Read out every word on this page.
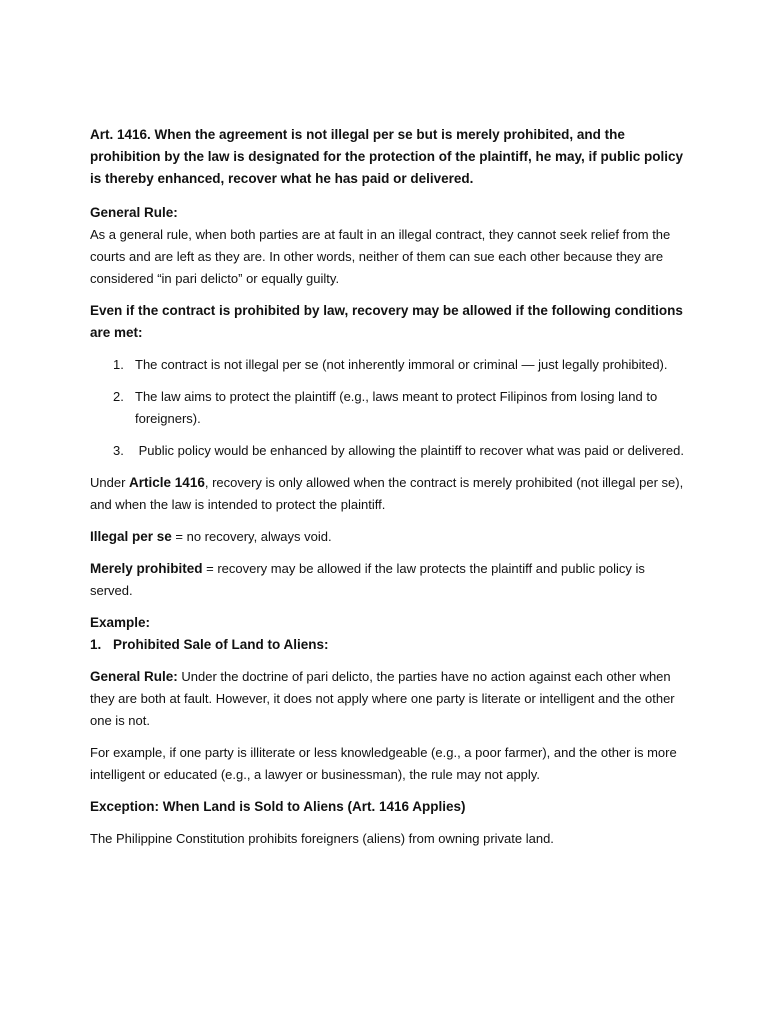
Art. 1416. When the agreement is not illegal per se but is merely prohibited, and the prohibition by the law is designated for the protection of the plaintiff, he may, if public policy is thereby enhanced, recover what he has paid or delivered.

General Rule:

As a general rule, when both parties are at fault in an illegal contract, they cannot seek relief from the courts and are left as they are. In other words, neither of them can sue each other because they are considered “in pari delicto” or equally guilty.

Even if the contract is prohibited by law, recovery may be allowed if the following conditions are met:

1. The contract is not illegal per se (not inherently immoral or criminal — just legally prohibited).
2. The law aims to protect the plaintiff (e.g., laws meant to protect Filipinos from losing land to foreigners).
3. Public policy would be enhanced by allowing the plaintiff to recover what was paid or delivered.

Under Article 1416, recovery is only allowed when the contract is merely prohibited (not illegal per se), and when the law is intended to protect the plaintiff.

Illegal per se = no recovery, always void.

Merely prohibited = recovery may be allowed if the law protects the plaintiff and public policy is served.

Example:

1. Prohibited Sale of Land to Aliens:

General Rule: Under the doctrine of pari delicto, the parties have no action against each other when they are both at fault. However, it does not apply where one party is literate or intelligent and the other one is not.

For example, if one party is illiterate or less knowledgeable (e.g., a poor farmer), and the other is more intelligent or educated (e.g., a lawyer or businessman), the rule may not apply.

Exception: When Land is Sold to Aliens (Art. 1416 Applies)

The Philippine Constitution prohibits foreigners (aliens) from owning private land.
